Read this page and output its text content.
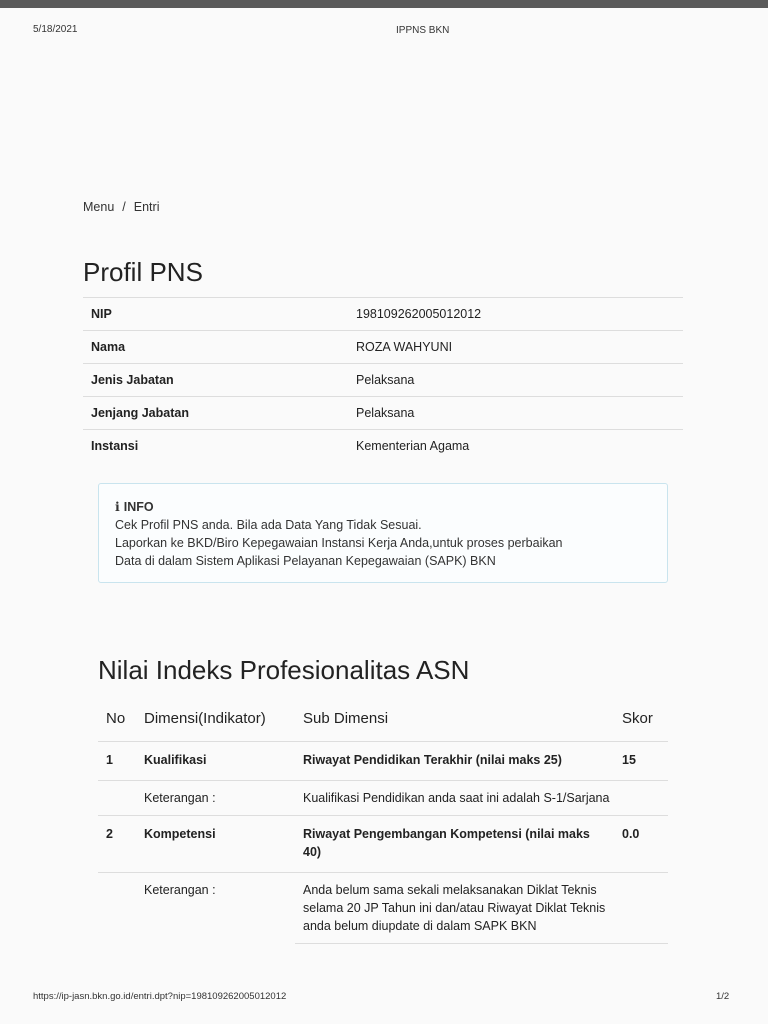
5/18/2021	IPPNS BKN
Menu / Entri
Profil PNS
NIP	198109262005012012
Nama	ROZA WAHYUNI
Jenis Jabatan	Pelaksana
Jenjang Jabatan	Pelaksana
Instansi	Kementerian Agama
i INFO
Cek Profil PNS anda. Bila ada Data Yang Tidak Sesuai.
Laporkan ke BKD/Biro Kepegawaian Instansi Kerja Anda,untuk proses perbaikan
Data di dalam Sistem Aplikasi Pelayanan Kepegawaian (SAPK) BKN
Nilai Indeks Profesionalitas ASN
No	Dimensi(Indikator)	Sub Dimensi	Skor
1	Kualifikasi	Riwayat Pendidikan Terakhir (nilai maks 25)	15
	Keterangan :	Kualifikasi Pendidikan anda saat ini adalah S-1/Sarjana	
2	Kompetensi	Riwayat Pengembangan Kompetensi (nilai maks 40)	0.0
	Keterangan :	Anda belum sama sekali melaksanakan Diklat Teknis selama 20 JP Tahun ini dan/atau Riwayat Diklat Teknis anda belum diupdate di dalam SAPK BKN	
https://ip-jasn.bkn.go.id/entri.dpt?nip=198109262005012012	1/2
